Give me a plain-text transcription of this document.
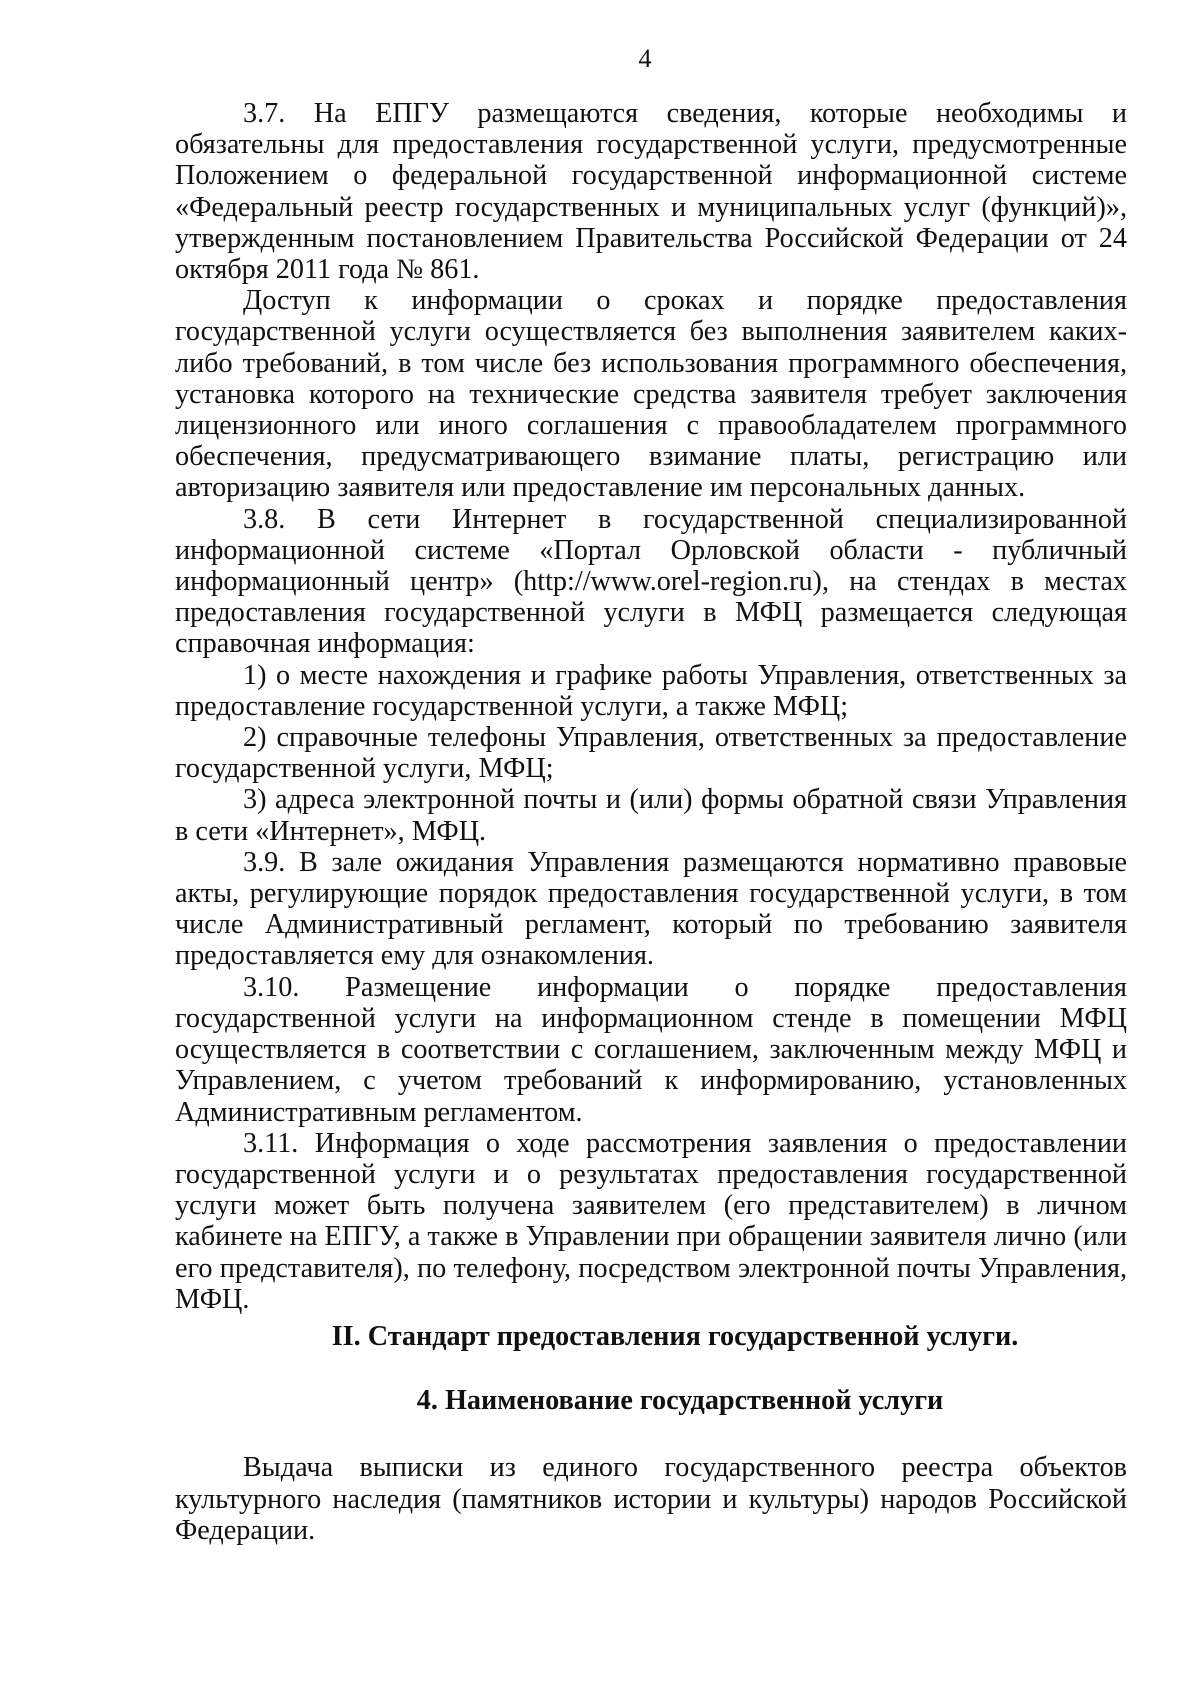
4

3.7. На ЕПГУ размещаются сведения, которые необходимы и обязательны для предоставления государственной услуги, предусмотренные Положением о федеральной государственной информационной системе «Федеральный реестр государственных и муниципальных услуг (функций)», утвержденным постановлением Правительства Российской Федерации от 24 октября 2011 года № 861.

Доступ к информации о сроках и порядке предоставления государственной услуги осуществляется без выполнения заявителем каких-либо требований, в том числе без использования программного обеспечения, установка которого на технические средства заявителя требует заключения лицензионного или иного соглашения с правообладателем программного обеспечения, предусматривающего взимание платы, регистрацию или авторизацию заявителя или предоставление им персональных данных.

3.8. В сети Интернет в государственной специализированной информационной системе «Портал Орловской области - публичный информационный центр» (http://www.orel-region.ru), на стендах в местах предоставления государственной услуги в МФЦ размещается следующая справочная информация:

1) о месте нахождения и графике работы Управления, ответственных за предоставление государственной услуги, а также МФЦ;

2) справочные телефоны Управления, ответственных за предоставление государственной услуги, МФЦ;

3) адреса электронной почты и (или) формы обратной связи Управления в сети «Интернет», МФЦ.

3.9. В зале ожидания Управления размещаются нормативно правовые акты, регулирующие порядок предоставления государственной услуги, в том числе Административный регламент, который по требованию заявителя предоставляется ему для ознакомления.

3.10. Размещение информации о порядке предоставления государственной услуги на информационном стенде в помещении МФЦ осуществляется в соответствии с соглашением, заключенным между МФЦ и Управлением, с учетом требований к информированию, установленных Административным регламентом.

3.11. Информация о ходе рассмотрения заявления о предоставлении государственной услуги и о результатах предоставления государственной услуги может быть получена заявителем (его представителем) в личном кабинете на ЕПГУ, а также в Управлении при обращении заявителя лично (или его представителя), по телефону, посредством электронной почты Управления, МФЦ.

II. Стандарт предоставления государственной услуги.

4. Наименование государственной услуги

Выдача выписки из единого государственного реестра объектов культурного наследия (памятников истории и культуры) народов Российской Федерации.
